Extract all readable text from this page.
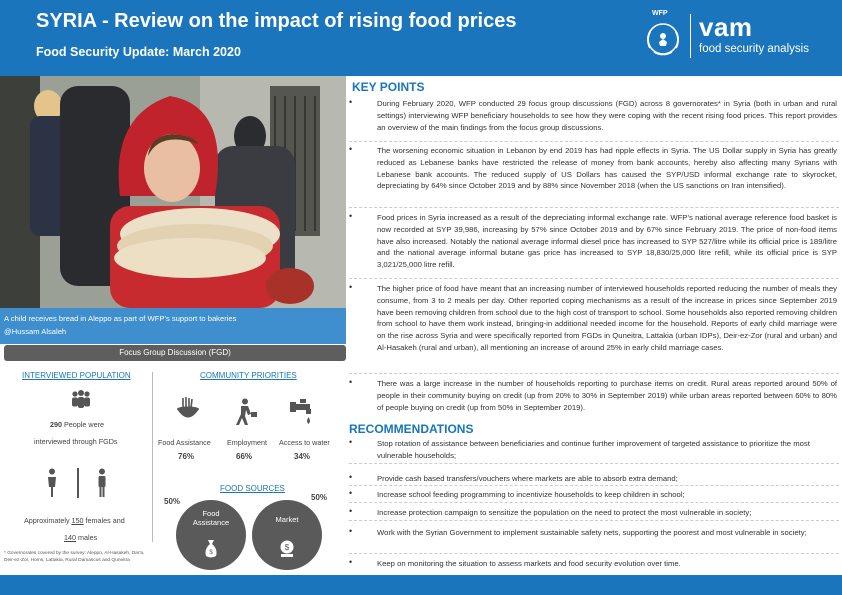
SYRIA - Review on the impact of rising food prices
Food Security Update: March 2020
WFP vam
food security analysis
A child receives bread in Aleppo as part of WFP’s support to bakeries
@Hussam Alsaleh
Focus Group Discussion (FGD)
INTERVIEWED POPULATION
290 People were
interviewed through FGDs
Approximately 150 females and
140 males
* Governorates covered by the survey: Aleppo, Al-Hasakeh, Dar'a, Deir-ez-Zor, Homs, Lattakia, Rural Damascus and Quneitra
COMMUNITY PRIORITIES
Food Assistance Employment Access to water
76%	66%	34%
FOOD SOURCES
50%	50%
Food
Assistance	Market
$
$
KEY POINTS
•	During February 2020, WFP conducted 29 focus group discussions (FGD) across 8 governorates* in Syria (both in urban and rural settings) interviewing WFP beneficiary households to see how they were coping with the recent rising food prices. This report provides an overview of the main findings from the focus group discussions.
•	The worsening economic situation in Lebanon by end 2019 has had ripple effects in Syria. The US Dollar supply in Syria has greatly reduced as Lebanese banks have restricted the release of money from bank accounts, hereby also affecting many Syrians with Lebanese bank accounts. The reduced supply of US Dollars has caused the SYP/USD informal exchange rate to skyrocket, depreciating by 64% since October 2019 and by 88% since November 2018 (when the US sanctions on Iran intensified).
•	Food prices in Syria increased as a result of the depreciating informal exchange rate. WFP’s national average reference food basket is now recorded at SYP 39,986, increasing by 57% since October 2019 and by 67% since February 2019. The price of non-food items have also increased. Notably the national average informal diesel price has increased to SYP 527/litre while its official price is 189/litre and the national average informal butane gas price has increased to SYP 18,830/25,000 litre refill, while its official price is SYP 3,021/25,000 litre refill.
•	The higher price of food have meant that an increasing number of interviewed households reported reducing the number of meals they consume, from 3 to 2 meals per day. Other reported coping mechanisms as a result of the increase in prices since September 2019 have been removing children from school due to the high cost of transport to school. Some households also reported removing children from school to have them work instead, bringing-in additional needed income for the household. Reports of early child marriage were on the rise across Syria and were specifically reported from FGDs in Quneitra, Lattakia (urban IDPs), Deir-ez-Zor (rural and urban) and Al-Hasakeh (rural and urban), all mentioning an increase of around 25% in early child marriage cases.
•	There was a large increase in the number of households reporting to purchase items on credit. Rural areas reported around 50% of people in their community buying on credit (up from 20% to 30% in September 2019) while urban areas reported between 60% to 80% of people buying on credit (up from 50% in September 2019).
RECOMMENDATIONS
•	Stop rotation of assistance between beneficiaries and continue further improvement of targeted assistance to prioritize the most vulnerable households;
•	Provide cash based transfers/vouchers where markets are able to absorb extra demand;
•	Increase school feeding programming to incentivize households to keep children in school;
•	Increase protection campaign to sensitize the population on the need to protect the most vulnerable in society;
•	Work with the Syrian Government to implement sustainable safety nets, supporting the poorest and most vulnerable in society;
•	Keep on monitoring the situation to assess markets and food security evolution over time.
